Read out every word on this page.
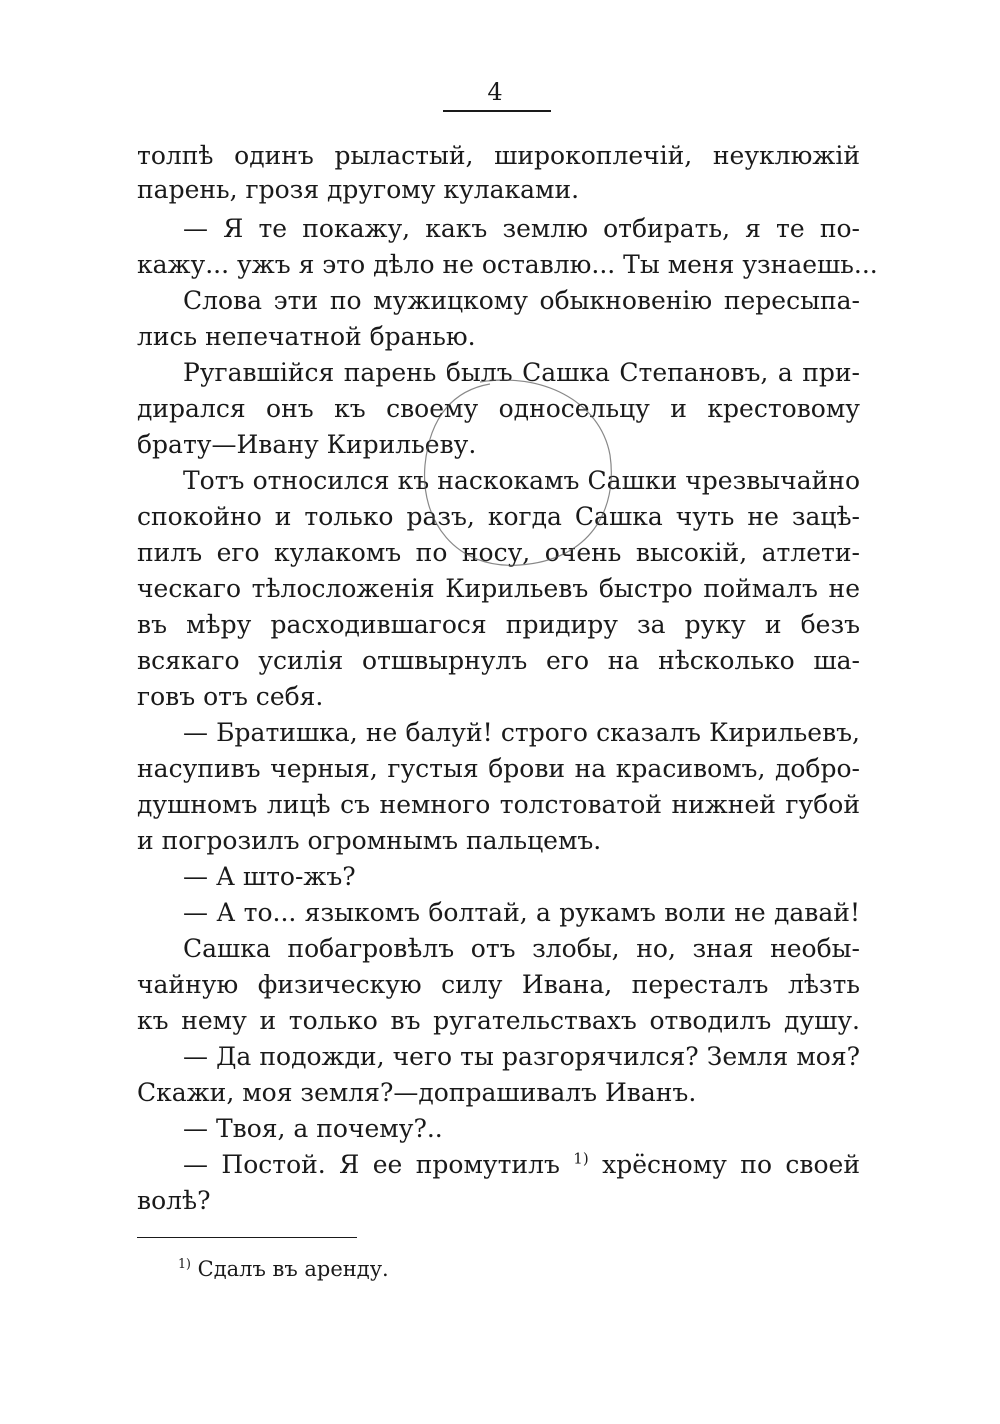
4
толпѣ одинъ рыластый, широкоплечій, неуклюжій
парень, грозя другому кулаками.
— Я те покажу, какъ землю отбирать, я те по-
кажу... ужъ я это дѣло не оставлю... Ты меня узнаешь...
Слова эти по мужицкому обыкновенію пересыпа-
лись непечатной бранью.
Ругавшійся парень былъ Сашка Степановъ, а при-
дирался онъ къ своему односельцу и крестовому
брату—Ивану Кирильеву.
Тотъ относился къ наскокамъ Сашки чрезвычайно
спокойно и только разъ, когда Сашка чуть не зацѣ-
пилъ его кулакомъ по носу, очень высокій, атлети-
ческаго тѣлосложенія Кирильевъ быстро поймалъ не
въ мѣру расходившагося придиру за руку и безъ
всякаго усилія отшвырнулъ его на нѣсколько ша-
говъ отъ себя.
— Братишка, не балуй! строго сказалъ Кирильевъ,
насупивъ черныя, густыя брови на красивомъ, добро-
душномъ лицѣ съ немного толстоватой нижней губой
и погрозилъ огромнымъ пальцемъ.
— А што-жъ?
— А то... языкомъ болтай, а рукамъ воли не давай!
Сашка побагровѣлъ отъ злобы, но, зная необы-
чайную физическую силу Ивана, пересталъ лѣзть
къ нему и только въ ругательствахъ отводилъ душу.
— Да подожди, чего ты разгорячился? Земля моя?
Скажи, моя земля?—допрашивалъ Иванъ.
— Твоя, а почему?..
— Постой. Я ее промутилъ $^{1)}$ хрёсному по своей
волѣ?
$^{1)}$ Сдалъ въ аренду.
